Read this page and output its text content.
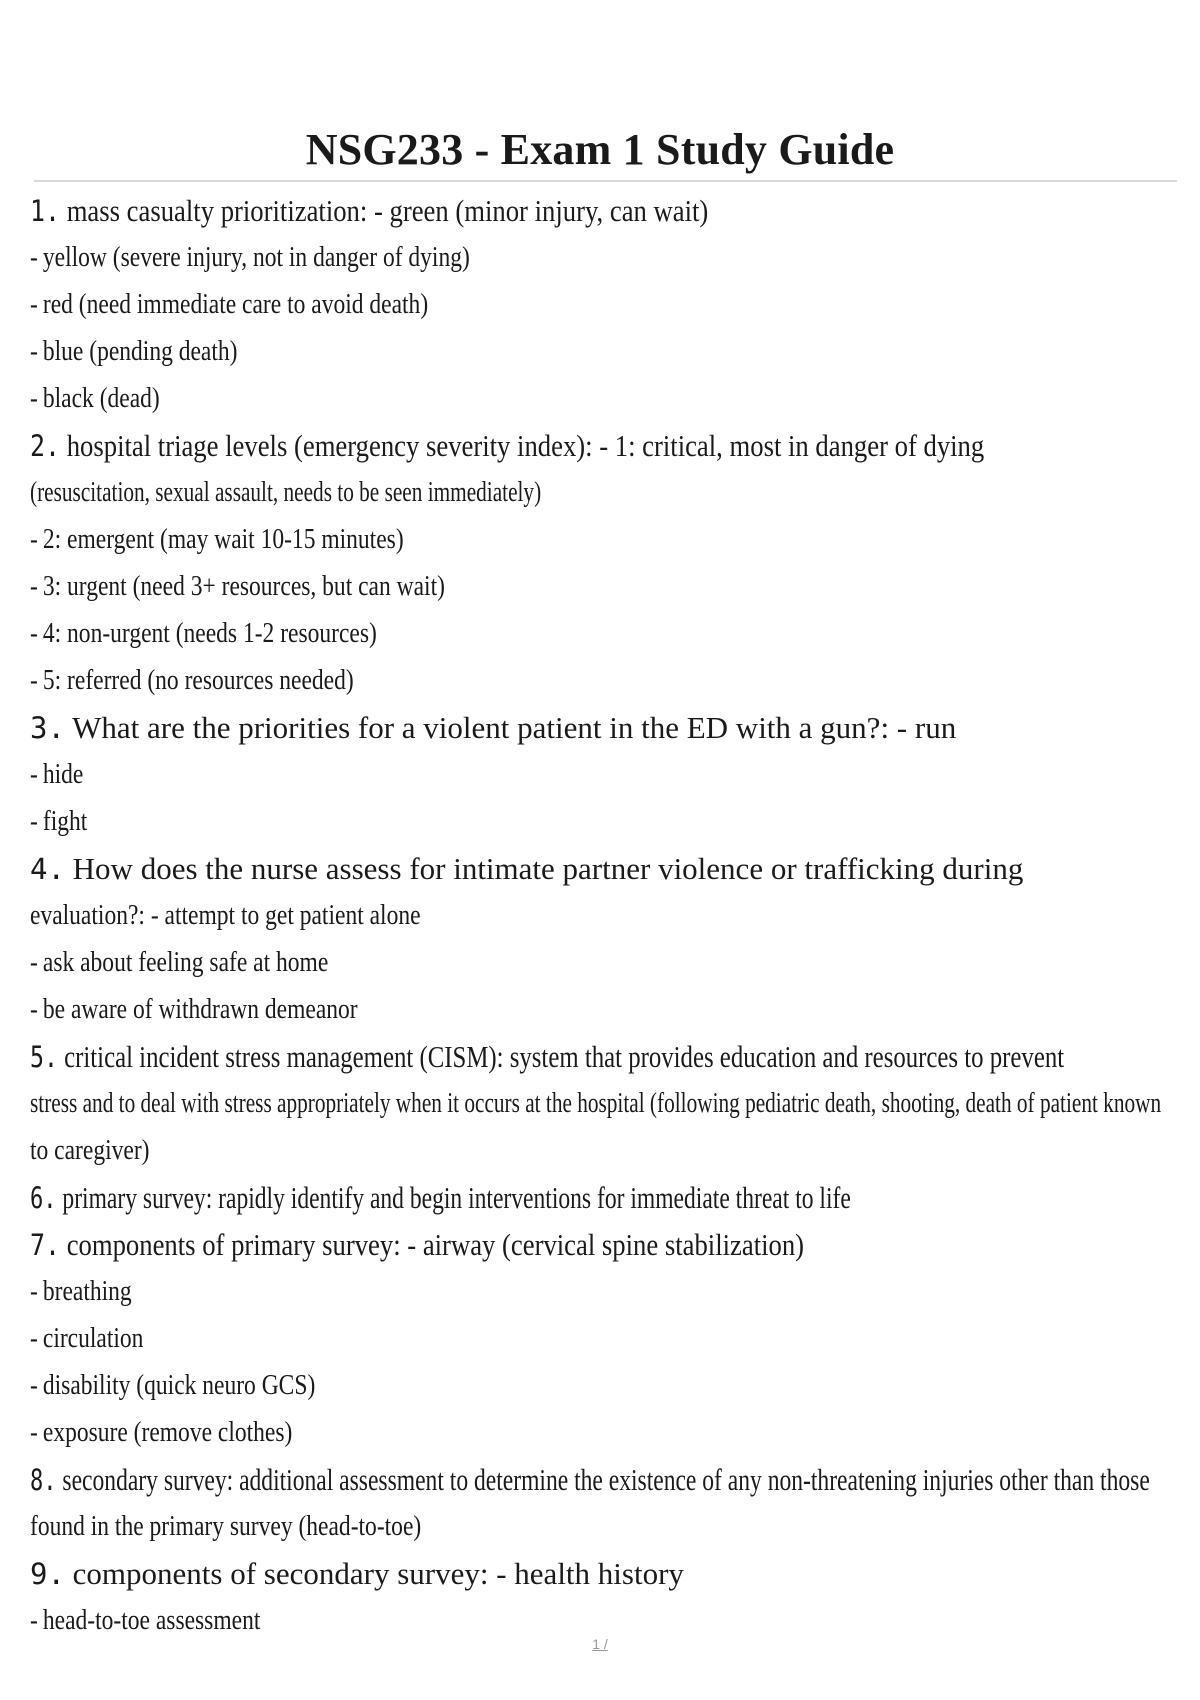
NSG233 - Exam 1 Study Guide
1. mass casualty prioritization: - green (minor injury, can wait)
- yellow (severe injury, not in danger of dying)
- red (need immediate care to avoid death)
- blue (pending death)
- black (dead)
2. hospital triage levels (emergency severity index): - 1: critical, most in danger of dying
(resuscitation, sexual assault, needs to be seen immediately)
- 2: emergent (may wait 10-15 minutes)
- 3: urgent (need 3+ resources, but can wait)
- 4: non-urgent (needs 1-2 resources)
- 5: referred (no resources needed)
3. What are the priorities for a violent patient in the ED with a gun?: - run
- hide
- fight
4. How does the nurse assess for intimate partner violence or trafficking during
evaluation?: - attempt to get patient alone
- ask about feeling safe at home
- be aware of withdrawn demeanor
5. critical incident stress management (CISM): system that provides education and resources to prevent
stress and to deal with stress appropriately when it occurs at the hospital (following pediatric death, shooting, death of patient known
to caregiver)
6. primary survey: rapidly identify and begin interventions for immediate threat to life
7. components of primary survey: - airway (cervical spine stabilization)
- breathing
- circulation
- disability (quick neuro GCS)
- exposure (remove clothes)
8. secondary survey: additional assessment to determine the existence of any non-threatening injuries other than those
found in the primary survey (head-to-toe)
9. components of secondary survey: - health history
- head-to-toe assessment
1 /
